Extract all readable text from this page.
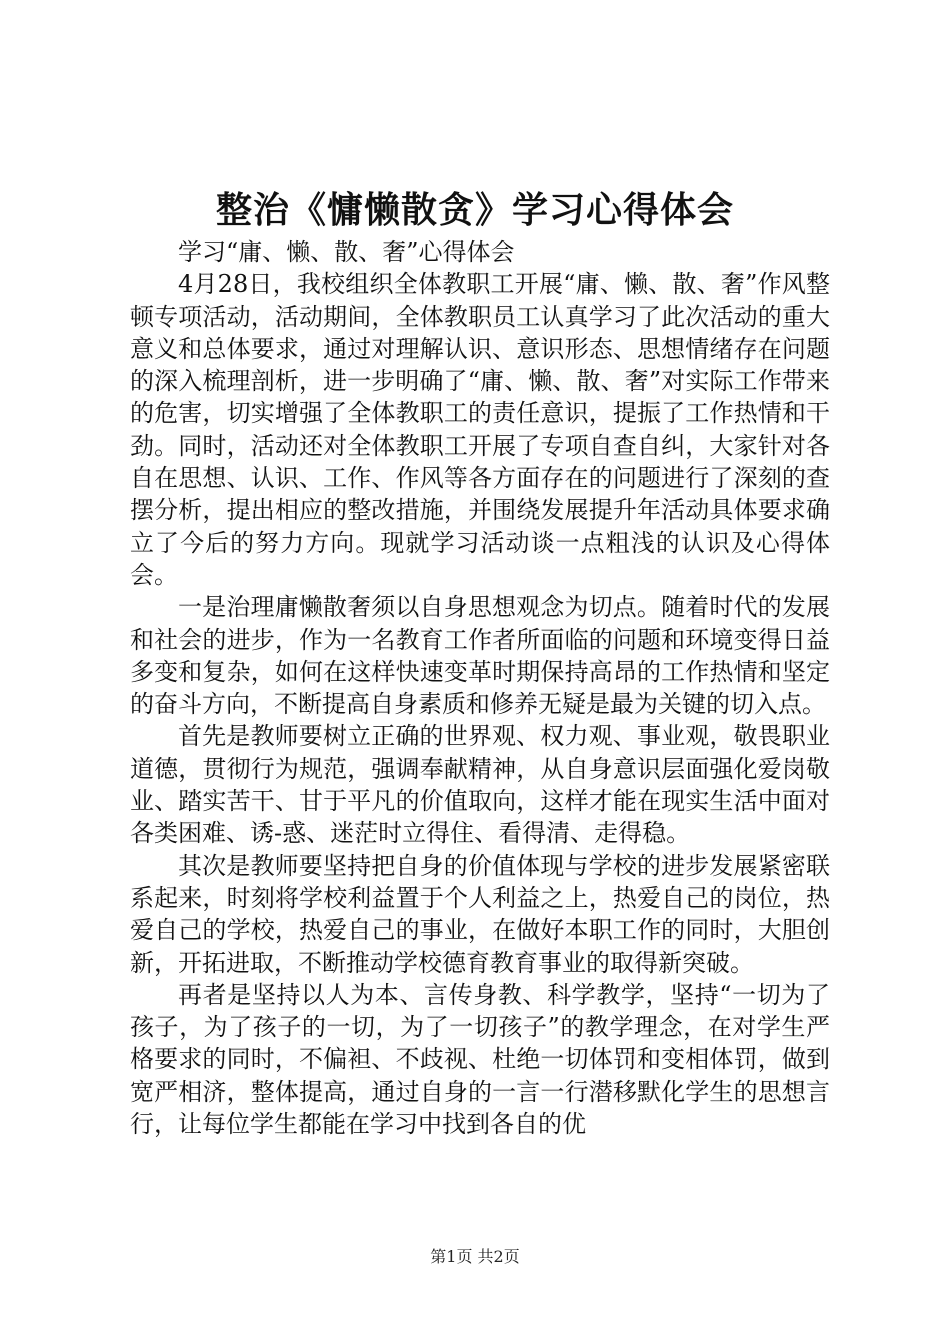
整治《慵懒散贪》学习心得体会

学习“庸、懒、散、奢”心得体会

4月28日，我校组织全体教职工开展“庸、懒、散、奢”作风整顿专项活动，活动期间，全体教职员工认真学习了此次活动的重大意义和总体要求，通过对理解认识、意识形态、思想情绪存在问题的深入梳理剖析，进一步明确了“庸、懒、散、奢”对实际工作带来的危害，切实增强了全体教职工的责任意识，提振了工作热情和干劲。同时，活动还对全体教职工开展了专项自查自纠，大家针对各自在思想、认识、工作、作风等各方面存在的问题进行了深刻的查摆分析，提出相应的整改措施，并围绕发展提升年活动具体要求确立了今后的努力方向。现就学习活动谈一点粗浅的认识及心得体会。

一是治理庸懒散奢须以自身思想观念为切点。随着时代的发展和社会的进步，作为一名教育工作者所面临的问题和环境变得日益多变和复杂，如何在这样快速变革时期保持高昂的工作热情和坚定的奋斗方向，不断提高自身素质和修养无疑是最为关键的切入点。

首先是教师要树立正确的世界观、权力观、事业观，敬畏职业道德，贯彻行为规范，强调奉献精神，从自身意识层面强化爱岗敬业、踏实苦干、甘于平凡的价值取向，这样才能在现实生活中面对各类困难、诱-惑、迷茫时立得住、看得清、走得稳。

其次是教师要坚持把自身的价值体现与学校的进步发展紧密联系起来，时刻将学校利益置于个人利益之上，热爱自己的岗位，热爱自己的学校，热爱自己的事业，在做好本职工作的同时，大胆创新，开拓进取，不断推动学校德育教育事业的取得新突破。

再者是坚持以人为本、言传身教、科学教学，坚持“一切为了孩子，为了孩子的一切，为了一切孩子”的教学理念，在对学生严格要求的同时，不偏袒、不歧视、杜绝一切体罚和变相体罚，做到宽严相济，整体提高，通过自身的一言一行潜移默化学生的思想言行，让每位学生都能在学习中找到各自的优

第1页 共2页
